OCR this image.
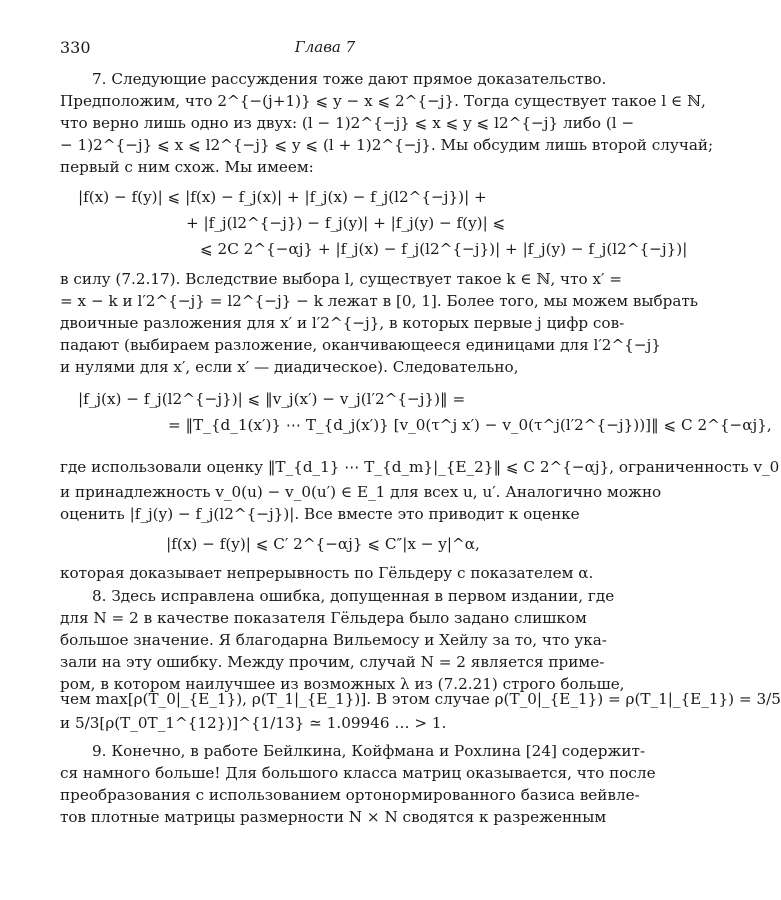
330	Глава 7
7. Следующие рассуждения тоже дают прямое доказательство.
Предположим, что 2^{−(j+1)} ⩽ y − x ⩽ 2^{−j}. Тогда существует такое l ∈ ℕ,
что верно лишь одно из двух: (l − 1)2^{−j} ⩽ x ⩽ y ⩽ l2^{−j} либо (l −
− 1)2^{−j} ⩽ x ⩽ l2^{−j} ⩽ y ⩽ (l + 1)2^{−j}. Мы обсудим лишь второй случай;
первый с ним схож. Мы имеем:
|f(x) − f(y)| ⩽ |f(x) − f_j(x)| + |f_j(x) − f_j(l2^{−j})| +
+ |f_j(l2^{−j}) − f_j(y)| + |f_j(y) − f(y)| ⩽
⩽ 2C 2^{−αj} + |f_j(x) − f_j(l2^{−j})| + |f_j(y) − f_j(l2^{−j})|
в силу (7.2.17). Вследствие выбора l, существует такое k ∈ ℕ, что x′ =
= x − k и l′2^{−j} = l2^{−j} − k лежат в [0, 1]. Более того, мы можем выбрать
двоичные разложения для x′ и l′2^{−j}, в которых первые j цифр сов-
падают (выбираем разложение, оканчивающееся единицами для l′2^{−j}
и нулями для x′, если x′ — диадическое). Следовательно,
|f_j(x) − f_j(l2^{−j})| ⩽ ‖v_j(x′) − v_j(l′2^{−j})‖ =
= ‖T_{d_1(x′)} ⋯ T_{d_j(x′)} [v_0(τ^j x′) − v_0(τ^j(l′2^{−j}))]‖ ⩽ C 2^{−αj},
где использовали оценку ‖T_{d_1} ⋯ T_{d_m}|_{E_2}‖ ⩽ C 2^{−αj}, ограниченность v_0
и принадлежность v_0(u) − v_0(u′) ∈ E_1 для всех u, u′. Аналогично можно
оценить |f_j(y) − f_j(l2^{−j})|. Все вместе это приводит к оценке
|f(x) − f(y)| ⩽ C′ 2^{−αj} ⩽ C″|x − y|^α,
которая доказывает непрерывность по Гёльдеру с показателем α.
8. Здесь исправлена ошибка, допущенная в первом издании, где
для N = 2 в качестве показателя Гёльдера было задано слишком
большое значение. Я благодарна Вильемосу и Хейлу за то, что ука-
зали на эту ошибку. Между прочим, случай N = 2 является приме-
ром, в котором наилучшее из возможных λ из (7.2.21) строго больше,
чем max[ρ(T_0|_{E_1}), ρ(T_1|_{E_1})]. В этом случае ρ(T_0|_{E_1}) = ρ(T_1|_{E_1}) = 3/5
и 5/3[ρ(T_0T_1^{12})]^{1/13} ≃ 1.09946 … > 1.
9. Конечно, в работе Бейлкина, Койфмана и Рохлина [24] содержит-
ся намного больше! Для большого класса матриц оказывается, что после
преобразования с использованием ортонормированного базиса вейвле-
тов плотные матрицы размерности N × N сводятся к разреженным
